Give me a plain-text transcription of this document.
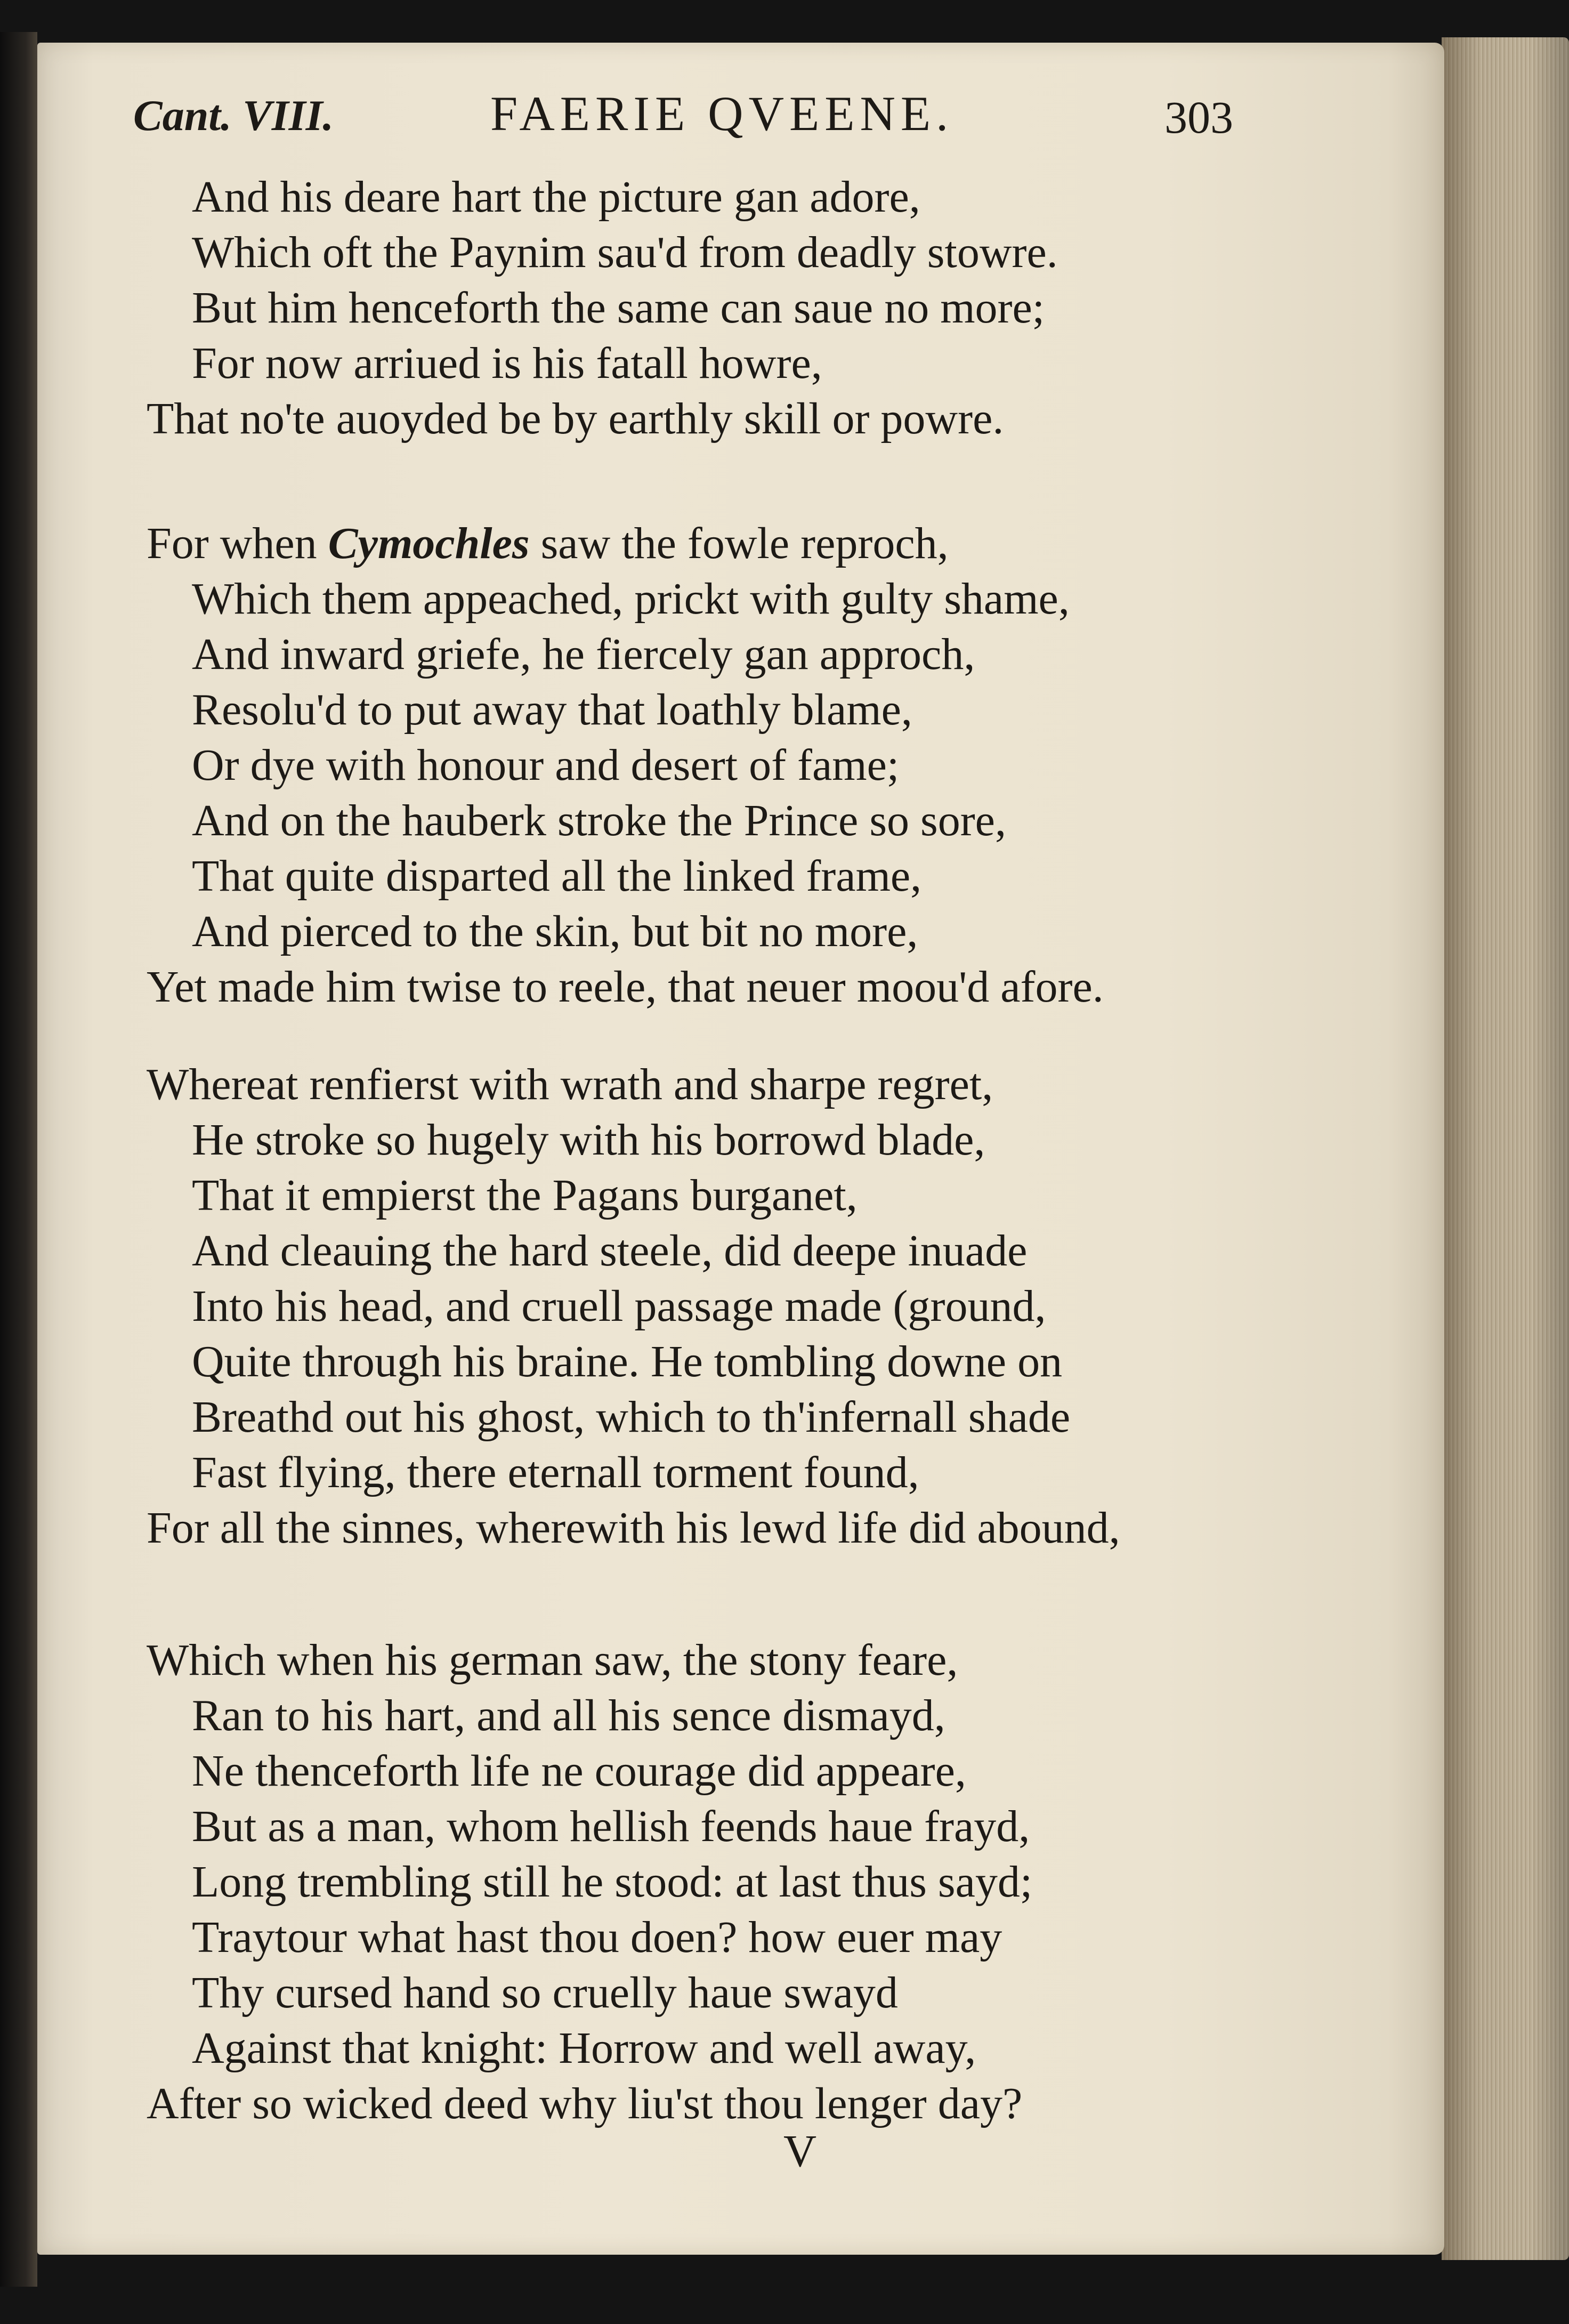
Cant. VIII.	FAERIE QVEENE.	303
And his deare hart the picture gan adore,
Which oft the Paynim sau'd from deadly stowre.
But him henceforth the same can saue no more;
For now arriued is his fatall howre,
That no'te auoyded be by earthly skill or powre.
For when Cymochles saw the fowle reproch,
Which them appeached, prickt with gulty shame,
And inward griefe, he fiercely gan approch,
Resolu'd to put away that loathly blame,
Or dye with honour and desert of fame;
And on the hauberk stroke the Prince so sore,
That quite disparted all the linked frame,
And pierced to the skin, but bit no more,
Yet made him twise to reele, that neuer moou'd afore.
Whereat renfierst with wrath and sharpe regret,
He stroke so hugely with his borrowd blade,
That it empierst the Pagans burganet,
And cleauing the hard steele, did deepe inuade
Into his head, and cruell passage made (ground,
Quite through his braine. He tombling downe on
Breathd out his ghost, which to th'infernall shade
Fast flying, there eternall torment found,
For all the sinnes, wherewith his lewd life did abound,
Which when his german saw, the stony feare,
Ran to his hart, and all his sence dismayd,
Ne thenceforth life ne courage did appeare,
But as a man, whom hellish feends haue frayd,
Long trembling still he stood: at last thus sayd;
Traytour what hast thou doen? how euer may
Thy cursed hand so cruelly haue swayd
Against that knight: Horrow and well away,
After so wicked deed why liu'st thou lenger day?
V
